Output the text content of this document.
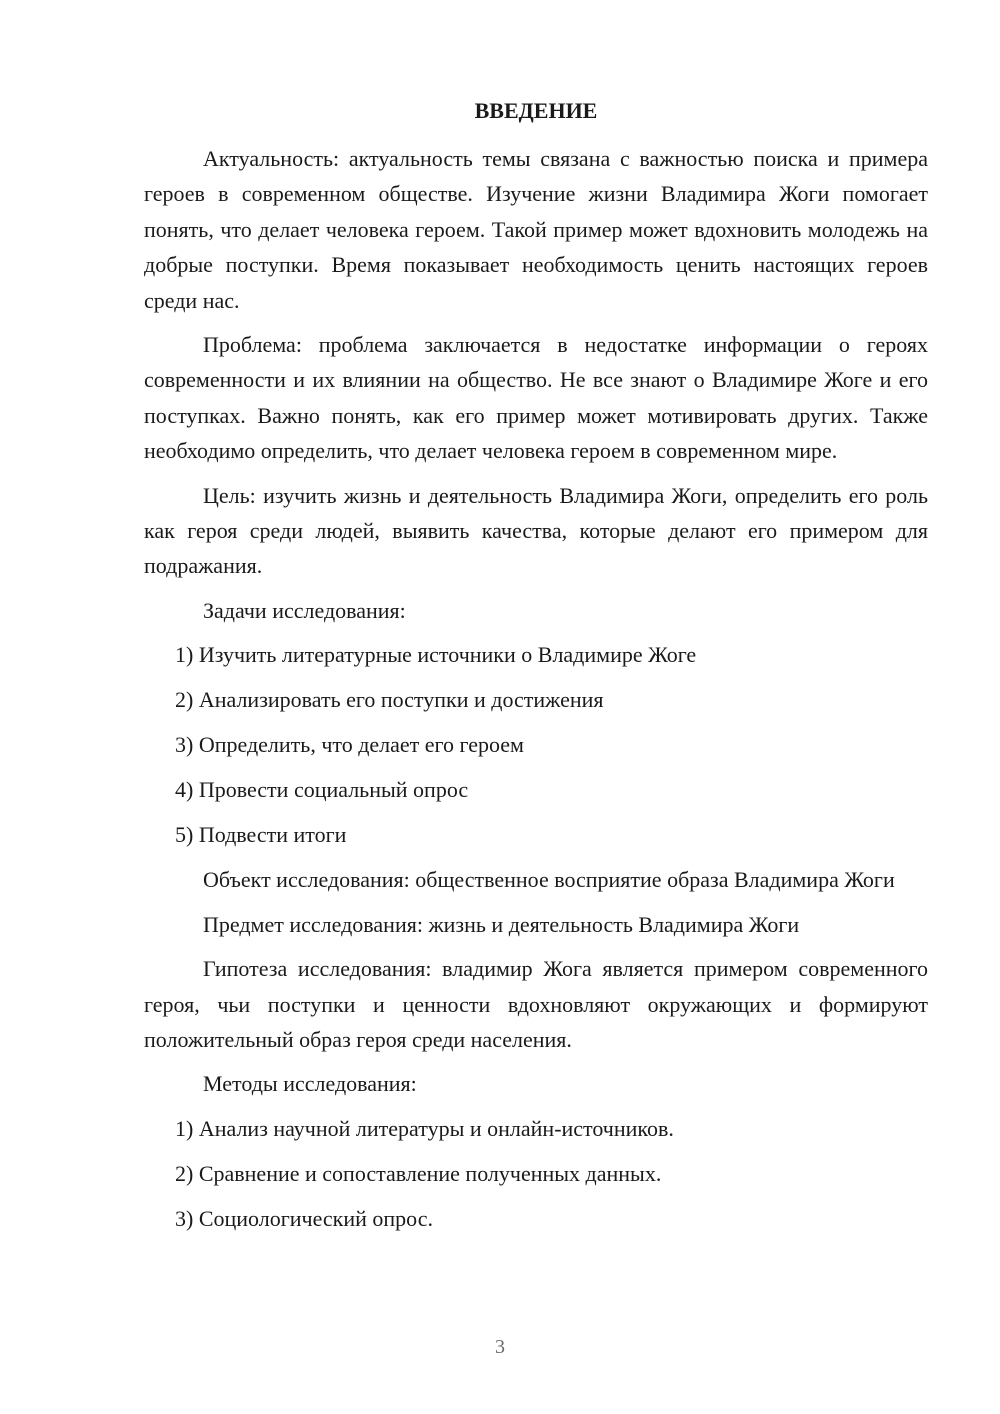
ВВЕДЕНИЕ

Актуальность: актуальность темы связана с важностью поиска и примера героев в современном обществе. Изучение жизни Владимира Жоги помогает понять, что делает человека героем. Такой пример может вдохновить молодежь на добрые поступки. Время показывает необходимость ценить настоящих героев среди нас.

Проблема: проблема заключается в недостатке информации о героях современности и их влиянии на общество. Не все знают о Владимире Жоге и его поступках. Важно понять, как его пример может мотивировать других. Также необходимо определить, что делает человека героем в современном мире.

Цель: изучить жизнь и деятельность Владимира Жоги, определить его роль как героя среди людей, выявить качества, которые делают его примером для подражания.

Задачи исследования:

1) Изучить литературные источники о Владимире Жоге
2) Анализировать его поступки и достижения
3) Определить, что делает его героем
4) Провести социальный опрос
5) Подвести итоги

Объект исследования: общественное восприятие образа Владимира Жоги

Предмет исследования: жизнь и деятельность Владимира Жоги

Гипотеза исследования: владимир Жога является примером современного героя, чьи поступки и ценности вдохновляют окружающих и формируют положительный образ героя среди населения.

Методы исследования:

1) Анализ научной литературы и онлайн-источников.
2) Сравнение и сопоставление полученных данных.
3) Социологический опрос.
3
